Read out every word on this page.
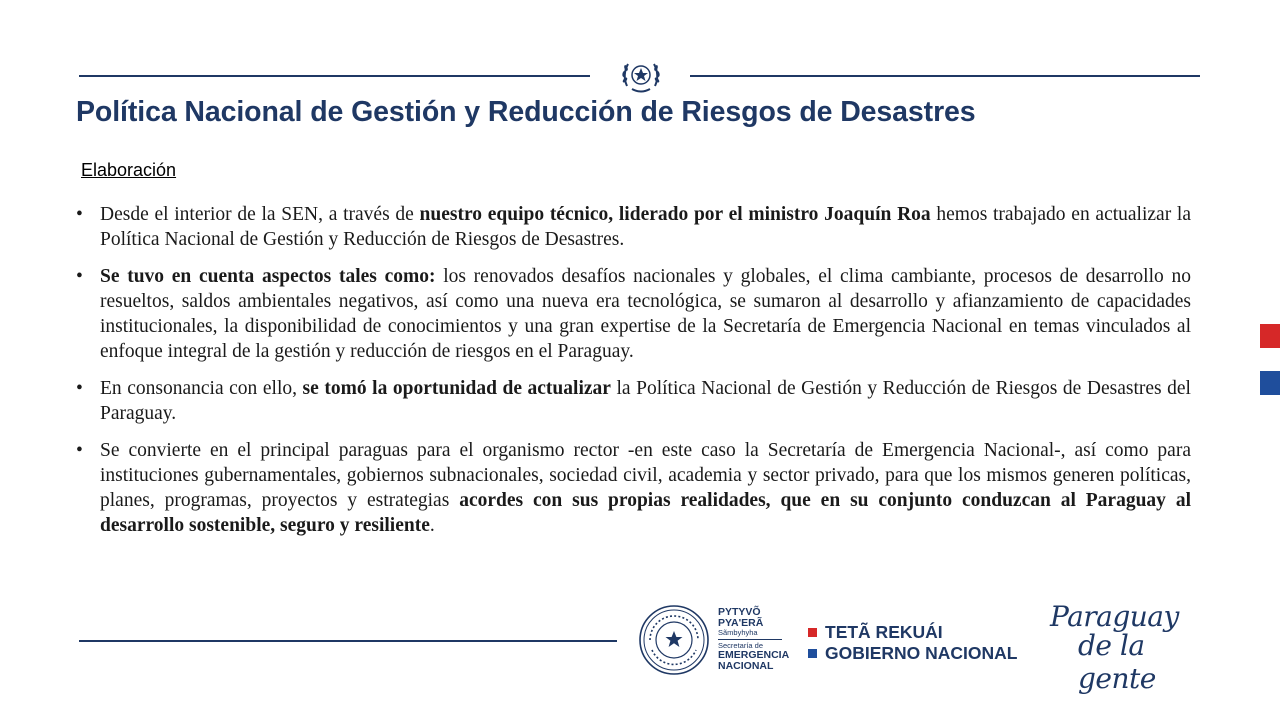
Política Nacional de Gestión y Reducción de Riesgos de Desastres
Elaboración
• Desde el interior de la SEN, a través de nuestro equipo técnico, liderado por el ministro Joaquín Roa hemos trabajado en actualizar la Política Nacional de Gestión y Reducción de Riesgos de Desastres.
• Se tuvo en cuenta aspectos tales como: los renovados desafíos nacionales y globales, el clima cambiante, procesos de desarrollo no resueltos, saldos ambientales negativos, así como una nueva era tecnológica, se sumaron al desarrollo y afianzamiento de capacidades institucionales, la disponibilidad de conocimientos y una gran expertise de la Secretaría de Emergencia Nacional en temas vinculados al enfoque integral de la gestión y reducción de riesgos en el Paraguay.
• En consonancia con ello, se tomó la oportunidad de actualizar la Política Nacional de Gestión y Reducción de Riesgos de Desastres del Paraguay.
• Se convierte en el principal paraguas para el organismo rector -en este caso la Secretaría de Emergencia Nacional-, así como para instituciones gubernamentales, gobiernos subnacionales, sociedad civil, academia y sector privado, para que los mismos generen políticas, planes, programas, proyectos y estrategias acordes con sus propias realidades, que en su conjunto conduzcan al Paraguay al desarrollo sostenible, seguro y resiliente.
PYTYVÕ
PYA'ERÃ
Sãmbyhyha
Secretaría de
EMERGENCIA
NACIONAL
TETÃ REKUÁI
GOBIERNO NACIONAL
Paraguay
de la gente
